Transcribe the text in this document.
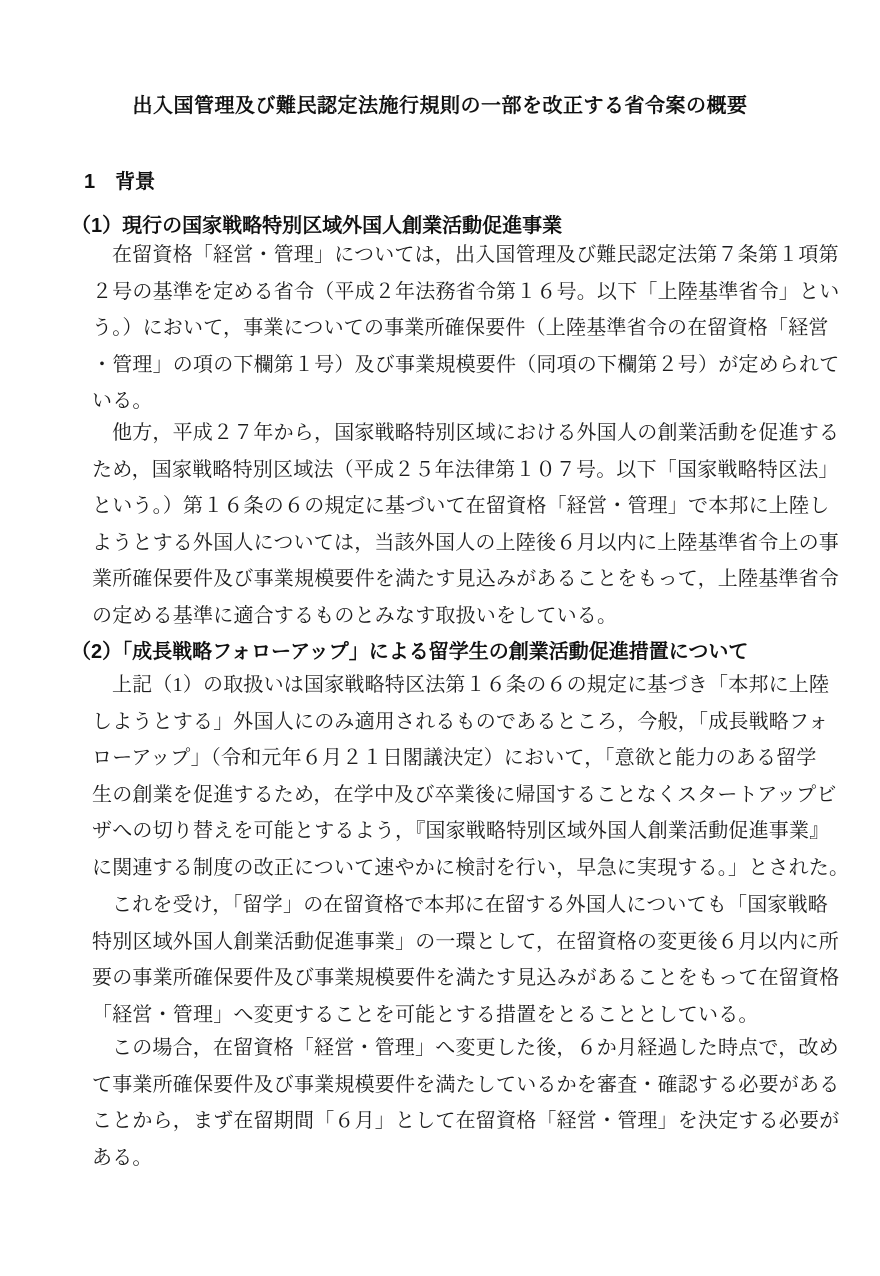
出入国管理及び難民認定法施行規則の一部を改正する省令案の概要
1　背景
（1）現行の国家戦略特別区域外国人創業活動促進事業
在留資格「経営・管理」については，出入国管理及び難民認定法第７条第１項第
２号の基準を定める省令（平成２年法務省令第１６号。以下「上陸基準省令」とい
う。）において，事業についての事業所確保要件（上陸基準省令の在留資格「経営
・管理」の項の下欄第１号）及び事業規模要件（同項の下欄第２号）が定められて
いる。
他方，平成２７年から，国家戦略特別区域における外国人の創業活動を促進する
ため，国家戦略特別区域法（平成２５年法律第１０７号。以下「国家戦略特区法」
という。）第１６条の６の規定に基づいて在留資格「経営・管理」で本邦に上陸し
ようとする外国人については，当該外国人の上陸後６月以内に上陸基準省令上の事
業所確保要件及び事業規模要件を満たす見込みがあることをもって，上陸基準省令
の定める基準に適合するものとみなす取扱いをしている。
（2）「成長戦略フォローアップ」による留学生の創業活動促進措置について
上記（1）の取扱いは国家戦略特区法第１６条の６の規定に基づき「本邦に上陸
しようとする」外国人にのみ適用されるものであるところ，今般，「成長戦略フォ
ローアップ」（令和元年６月２１日閣議決定）において，「意欲と能力のある留学
生の創業を促進するため，在学中及び卒業後に帰国することなくスタートアップビ
ザへの切り替えを可能とするよう，『国家戦略特別区域外国人創業活動促進事業』
に関連する制度の改正について速やかに検討を行い，早急に実現する。」とされた。
これを受け，「留学」の在留資格で本邦に在留する外国人についても「国家戦略
特別区域外国人創業活動促進事業」の一環として，在留資格の変更後６月以内に所
要の事業所確保要件及び事業規模要件を満たす見込みがあることをもって在留資格
「経営・管理」へ変更することを可能とする措置をとることとしている。
この場合，在留資格「経営・管理」へ変更した後，６か月経過した時点で，改め
て事業所確保要件及び事業規模要件を満たしているかを審査・確認する必要がある
ことから，まず在留期間「６月」として在留資格「経営・管理」を決定する必要が
ある。
